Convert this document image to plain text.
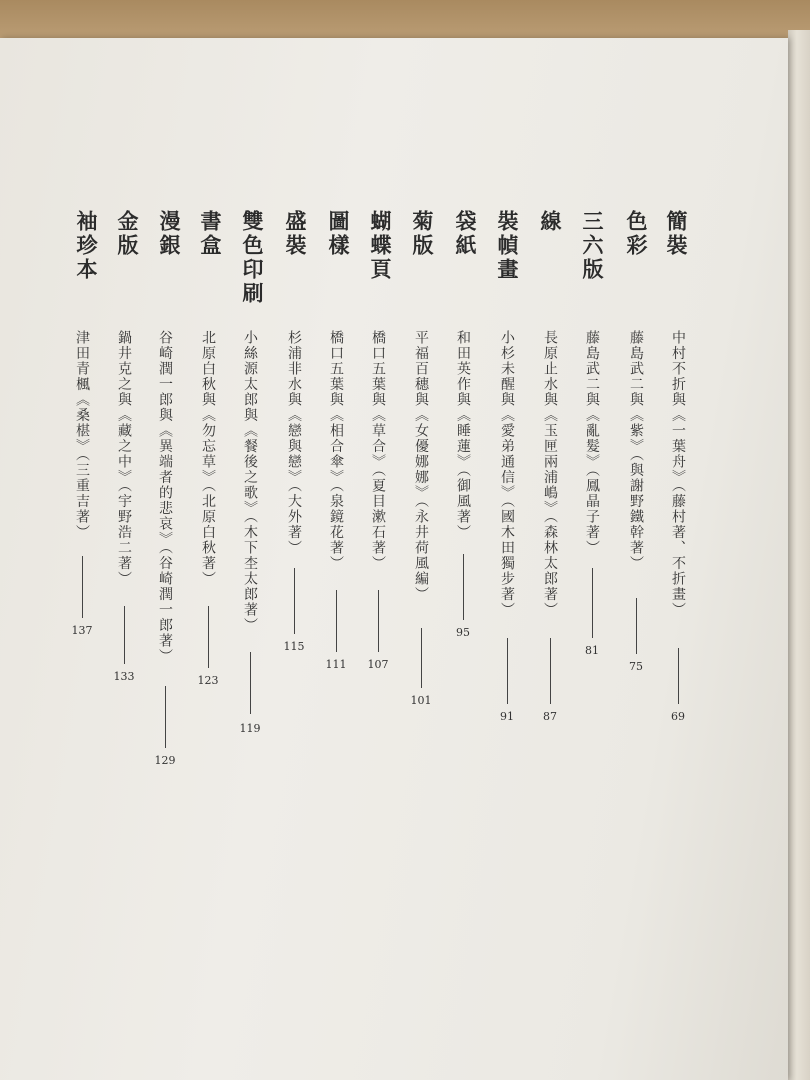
簡裝
色彩
三六版
線
裝幀畫
袋紙
菊版
蝴蝶頁
圖樣
盛裝
雙色印刷
書盒
漫銀
金版
袖珍本
中村不折與《一葉舟》（藤村著、不折畫）
69
藤島武二與《紫》（與謝野鐵幹著）
75
藤島武二與《亂髮》（鳳晶子著）
81
長原止水與《玉匣兩浦嶋》（森林太郎著）
87
小杉未醒與《愛弟通信》（國木田獨步著）
91
和田英作與《睡蓮》（御風著）
95
平福百穗與《女優娜娜》（永井荷風編）
101
橋口五葉與《草合》（夏目漱石著）
107
橋口五葉與《相合傘》（泉鏡花著）
111
杉浦非水與《戀與戀》（大外著）
115
小絲源太郎與《餐後之歌》（木下杢太郎著）
119
北原白秋與《勿忘草》（北原白秋著）
123
谷崎潤一郎與《異端者的悲哀》（谷崎潤一郎著）
129
鍋井克之與《藏之中》（宇野浩二著）
133
津田青楓《桑椹》（三重吉著）
137
